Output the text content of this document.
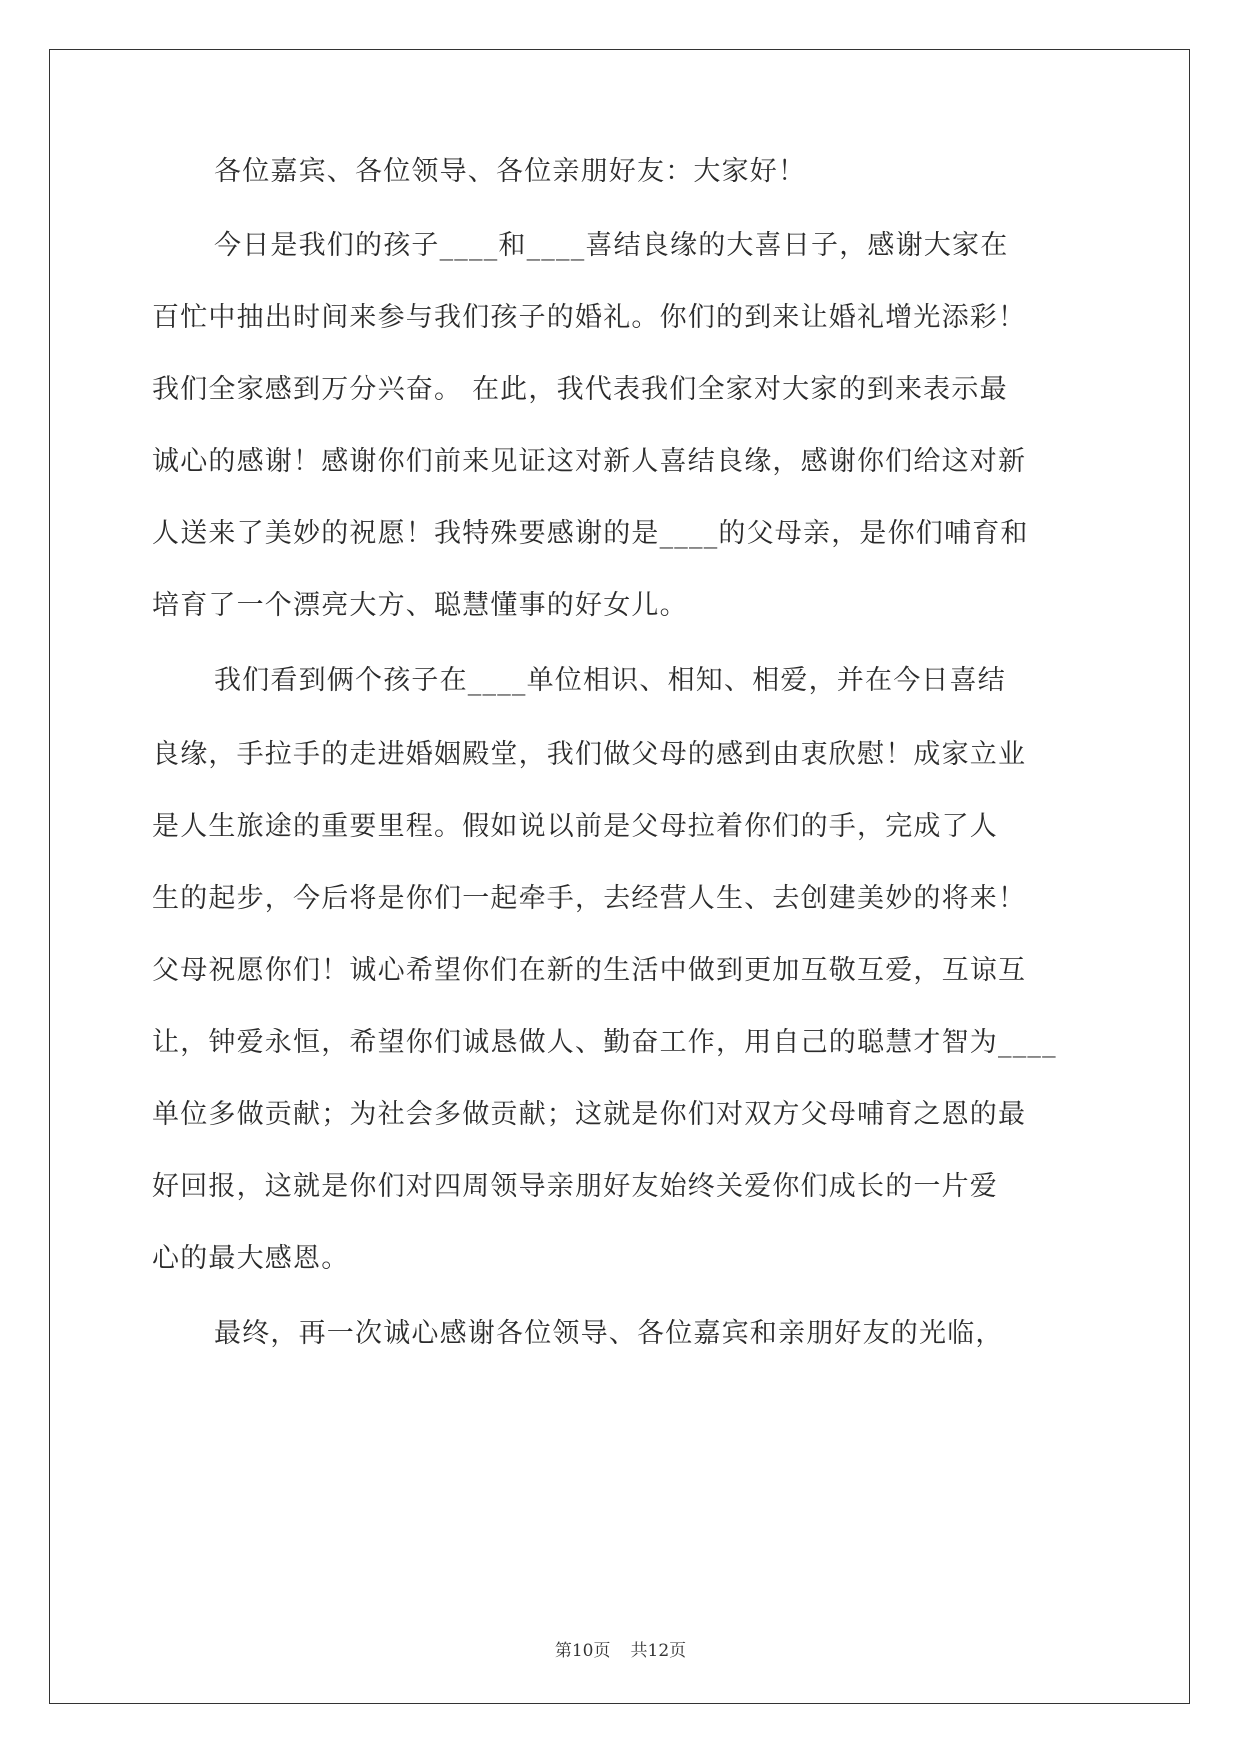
各位嘉宾、各位领导、各位亲朋好友：大家好！
今日是我们的孩子____和____喜结良缘的大喜日子，感谢大家在
百忙中抽出时间来参与我们孩子的婚礼。你们的到来让婚礼增光添彩！
我们全家感到万分兴奋。 在此，我代表我们全家对大家的到来表示最
诚心的感谢！感谢你们前来见证这对新人喜结良缘，感谢你们给这对新
人送来了美妙的祝愿！我特殊要感谢的是____的父母亲，是你们哺育和
培育了一个漂亮大方、聪慧懂事的好女儿。
我们看到俩个孩子在____单位相识、相知、相爱，并在今日喜结
良缘，手拉手的走进婚姻殿堂，我们做父母的感到由衷欣慰！成家立业
是人生旅途的重要里程。假如说以前是父母拉着你们的手，完成了人
生的起步，今后将是你们一起牵手，去经营人生、去创建美妙的将来！
父母祝愿你们！诚心希望你们在新的生活中做到更加互敬互爱，互谅互
让，钟爱永恒，希望你们诚恳做人、勤奋工作，用自己的聪慧才智为____
单位多做贡献；为社会多做贡献；这就是你们对双方父母哺育之恩的最
好回报，这就是你们对四周领导亲朋好友始终关爱你们成长的一片爱
心的最大感恩。
最终，再一次诚心感谢各位领导、各位嘉宾和亲朋好友的光临，
第10页 共12页
